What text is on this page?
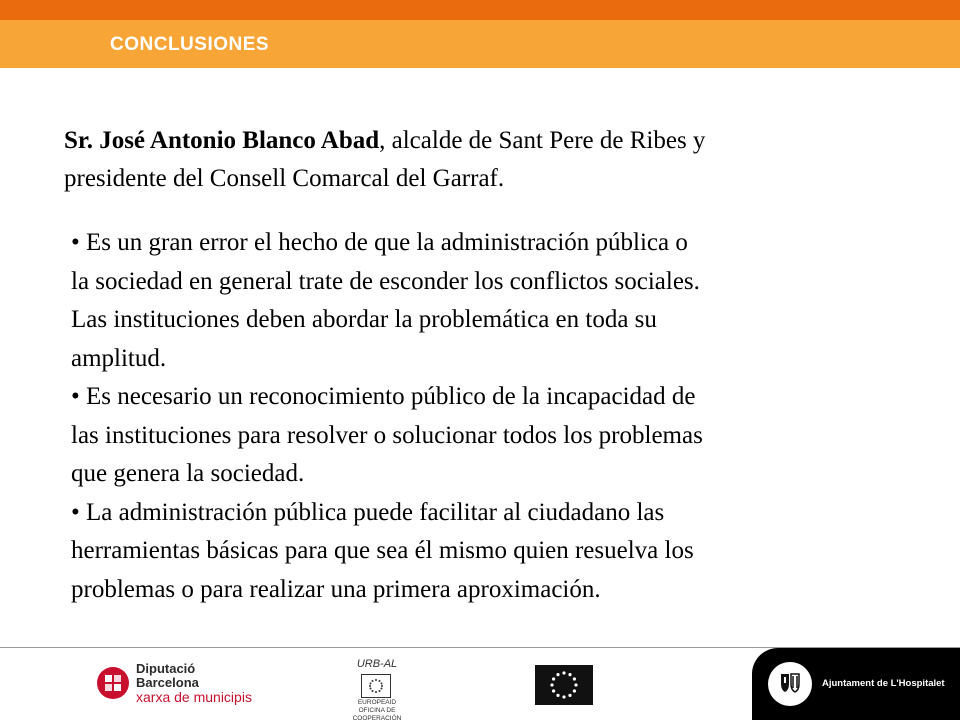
CONCLUSIONES
Sr. José Antonio Blanco Abad, alcalde de Sant Pere de Ribes y
presidente del Consell Comarcal del Garraf.

• Es un gran error el hecho de que la administración pública o
la sociedad en general trate de esconder los conflictos sociales.
Las instituciones deben abordar la problemática en toda su
amplitud.

• Es necesario un reconocimiento público de la incapacidad de
las instituciones para resolver o solucionar todos los problemas
que genera la sociedad.

• La administración pública puede facilitar al ciudadano las
herramientas básicas para que sea él mismo quien resuelva los
problemas o para realizar una primera aproximación.

Diputació
Barcelona
xarxa de municipis
URB-AL
EUROPEAID
OFICINA DE COOPERACIÓN
Ajuntament de L'Hospitalet
